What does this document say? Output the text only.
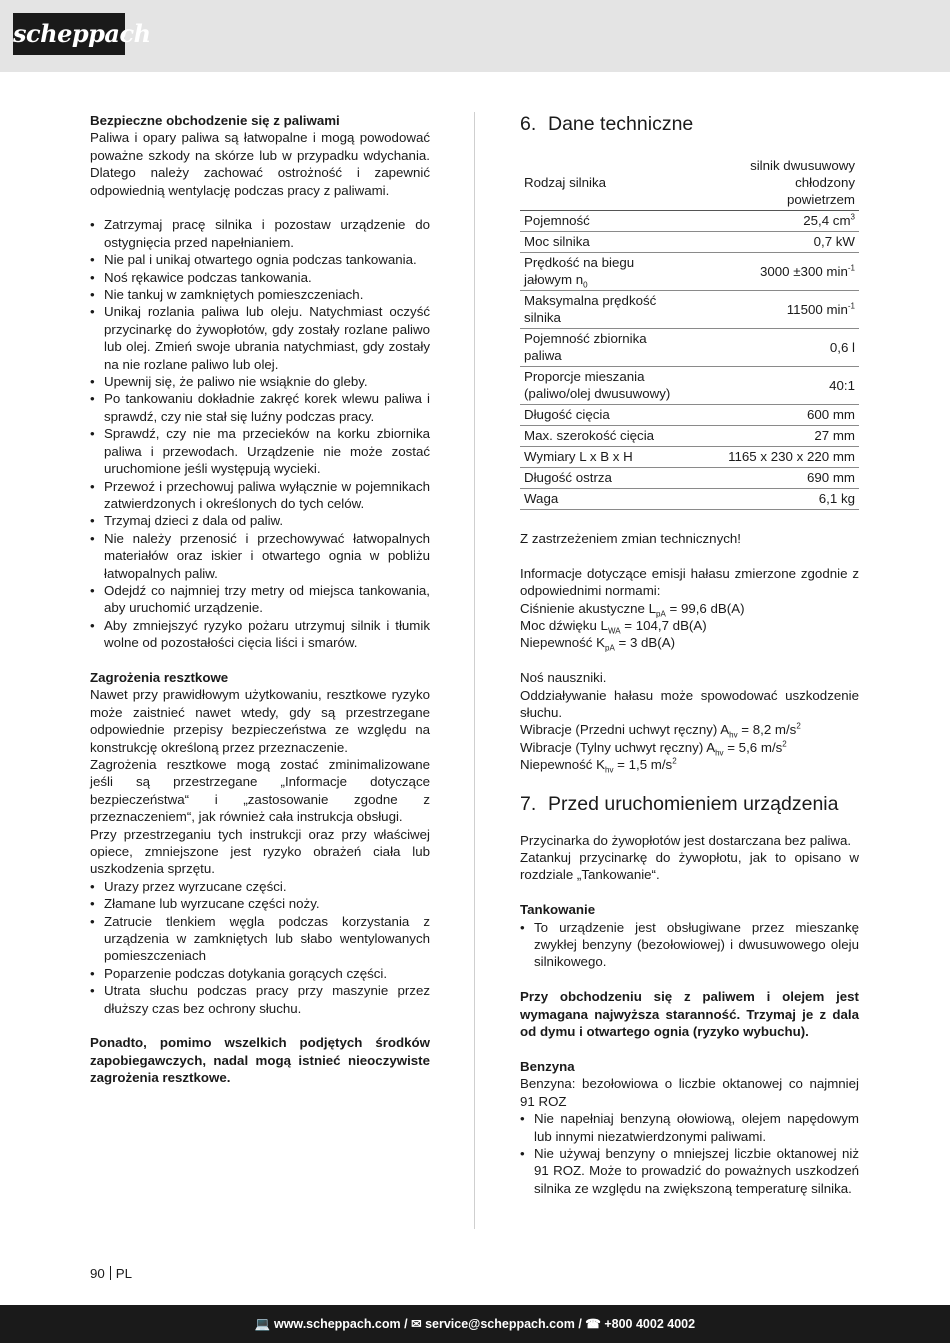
scheppach

Bezpieczne obchodzenie się z paliwami

Paliwa i opary paliwa są łatwopalne i mogą powodować poważne szkody na skórze lub w przypadku wdychania. Dlatego należy zachować ostrożność i zapewnić odpowiednią wentylację podczas pracy z paliwami.

• Zatrzymaj pracę silnika i pozostaw urządzenie do ostygnięcia przed napełnianiem.
• Nie pal i unikaj otwartego ognia podczas tankowania.
• Noś rękawice podczas tankowania.
• Nie tankuj w zamkniętych pomieszczeniach.
• Unikaj rozlania paliwa lub oleju. Natychmiast oczyść przycinarkę do żywopłotów, gdy zostały rozlane paliwo lub olej. Zmień swoje ubrania natychmiast, gdy zostały na nie rozlane paliwo lub olej.
• Upewnij się, że paliwo nie wsiąknie do gleby.
• Po tankowaniu dokładnie zakręć korek wlewu paliwa i sprawdź, czy nie stał się luźny podczas pracy.
• Sprawdź, czy nie ma przecieków na korku zbiornika paliwa i przewodach. Urządzenie nie może zostać uruchomione jeśli występują wycieki.
• Przewoź i przechowuj paliwa wyłącznie w pojemnikach zatwierdzonych i określonych do tych celów.
• Trzymaj dzieci z dala od paliw.
• Nie należy przenosić i przechowywać łatwopalnych materiałów oraz iskier i otwartego ognia w pobliżu łatwopalnych paliw.
• Odejdź co najmniej trzy metry od miejsca tankowania, aby uruchomić urządzenie.
• Aby zmniejszyć ryzyko pożaru utrzymuj silnik i tłumik wolne od pozostałości cięcia liści i smarów.

Zagrożenia resztkowe

Nawet przy prawidłowym użytkowaniu, resztkowe ryzyko może zaistnieć nawet wtedy, gdy są przestrzegane odpowiednie przepisy bezpieczeństwa ze względu na konstrukcję określoną przez przeznaczenie.

Zagrożenia resztkowe mogą zostać zminimalizowane jeśli są przestrzegane „Informacje dotyczące bezpieczeństwa“ i „zastosowanie zgodne z przeznaczeniem“, jak również cała instrukcja obsługi.

Przy przestrzeganiu tych instrukcji oraz przy właściwej opiece, zmniejszone jest ryzyko obrażeń ciała lub uszkodzenia sprzętu.

• Urazy przez wyrzucane części.
• Złamane lub wyrzucane części noży.
• Zatrucie tlenkiem węgla podczas korzystania z urządzenia w zamkniętych lub słabo wentylowanych pomieszczeniach
• Poparzenie podczas dotykania gorących części.
• Utrata słuchu podczas pracy przy maszynie przez dłuższy czas bez ochrony słuchu.

Ponadto, pomimo wszelkich podjętych środków zapobiegawczych, nadal mogą istnieć nieoczywiste zagrożenia resztkowe.

6. Dane techniczne
Rodzaj silnika	silnik dwusuwowy chłodzony powietrzem
Pojemność	25,4 $cm^3$
Moc silnika	0,7 kW
Prędkość na biegu jałowym $n_0$	3000 ±300 $\min^{-1}$
Maksymalna prędkość silnika	11500 $\min^{-1}$
Pojemność zbiornika paliwa	0,6 l
Proporcje mieszania (paliwo/olej dwusuwowy)	40:1
Długość cięcia	600 mm
Max. szerokość cięcia	27 mm
Wymiary L x B x H	1165 x 230 x 220 mm
Długość ostrza	690 mm
Waga	6,1 kg

Z zastrzeżeniem zmian technicznych!

Informacje dotyczące emisji hałasu zmierzone zgodnie z odpowiednimi normami:

Ciśnienie akustyczne $L_{pA} = 99,6$ dB(A)

Moc dźwięku $L_{WA} = 104,7$ dB(A)

Niepewność $K_{pA} = 3$ dB(A)

Noś nauszniki.

Oddziaływanie hałasu może spowodować uszkodzenie słuchu.

Wibracje (Przedni uchwyt ręczny) $A_{hv} = 8,2$ $m/s^2$

Wibracje (Tylny uchwyt ręczny) $A_{hv} = 5,6$ $m/s^2$

Niepewność $K_{hv} = 1,5$ $m/s^2$

7. Przed uruchomieniem urządzenia

Przycinarka do żywopłotów jest dostarczana bez paliwa.

Zatankuj przycinarkę do żywopłotu, jak to opisano w rozdziale „Tankowanie“.

Tankowanie

• To urządzenie jest obsługiwane przez mieszankę zwykłej benzyny (bezołowiowej) i dwusuwowego oleju silnikowego.

Przy obchodzeniu się z paliwem i olejem jest wymagana najwyższa staranność. Trzymaj je z dala od dymu i otwartego ognia (ryzyko wybuchu).

Benzyna

Benzyna: bezołowiowa o liczbie oktanowej co najmniej 91 ROZ

• Nie napełniaj benzyną ołowiową, olejem napędowym lub innymi niezatwierdzonymi paliwami.
• Nie używaj benzyny o mniejszej liczbie oktanowej niż 91 ROZ. Może to prowadzić do poważnych uszkodzeń silnika ze względu na zwiększoną temperaturę silnika.
90 PL
💻 www.scheppach.com / ✉ service@scheppach.com / ☎ +800 4002 4002
